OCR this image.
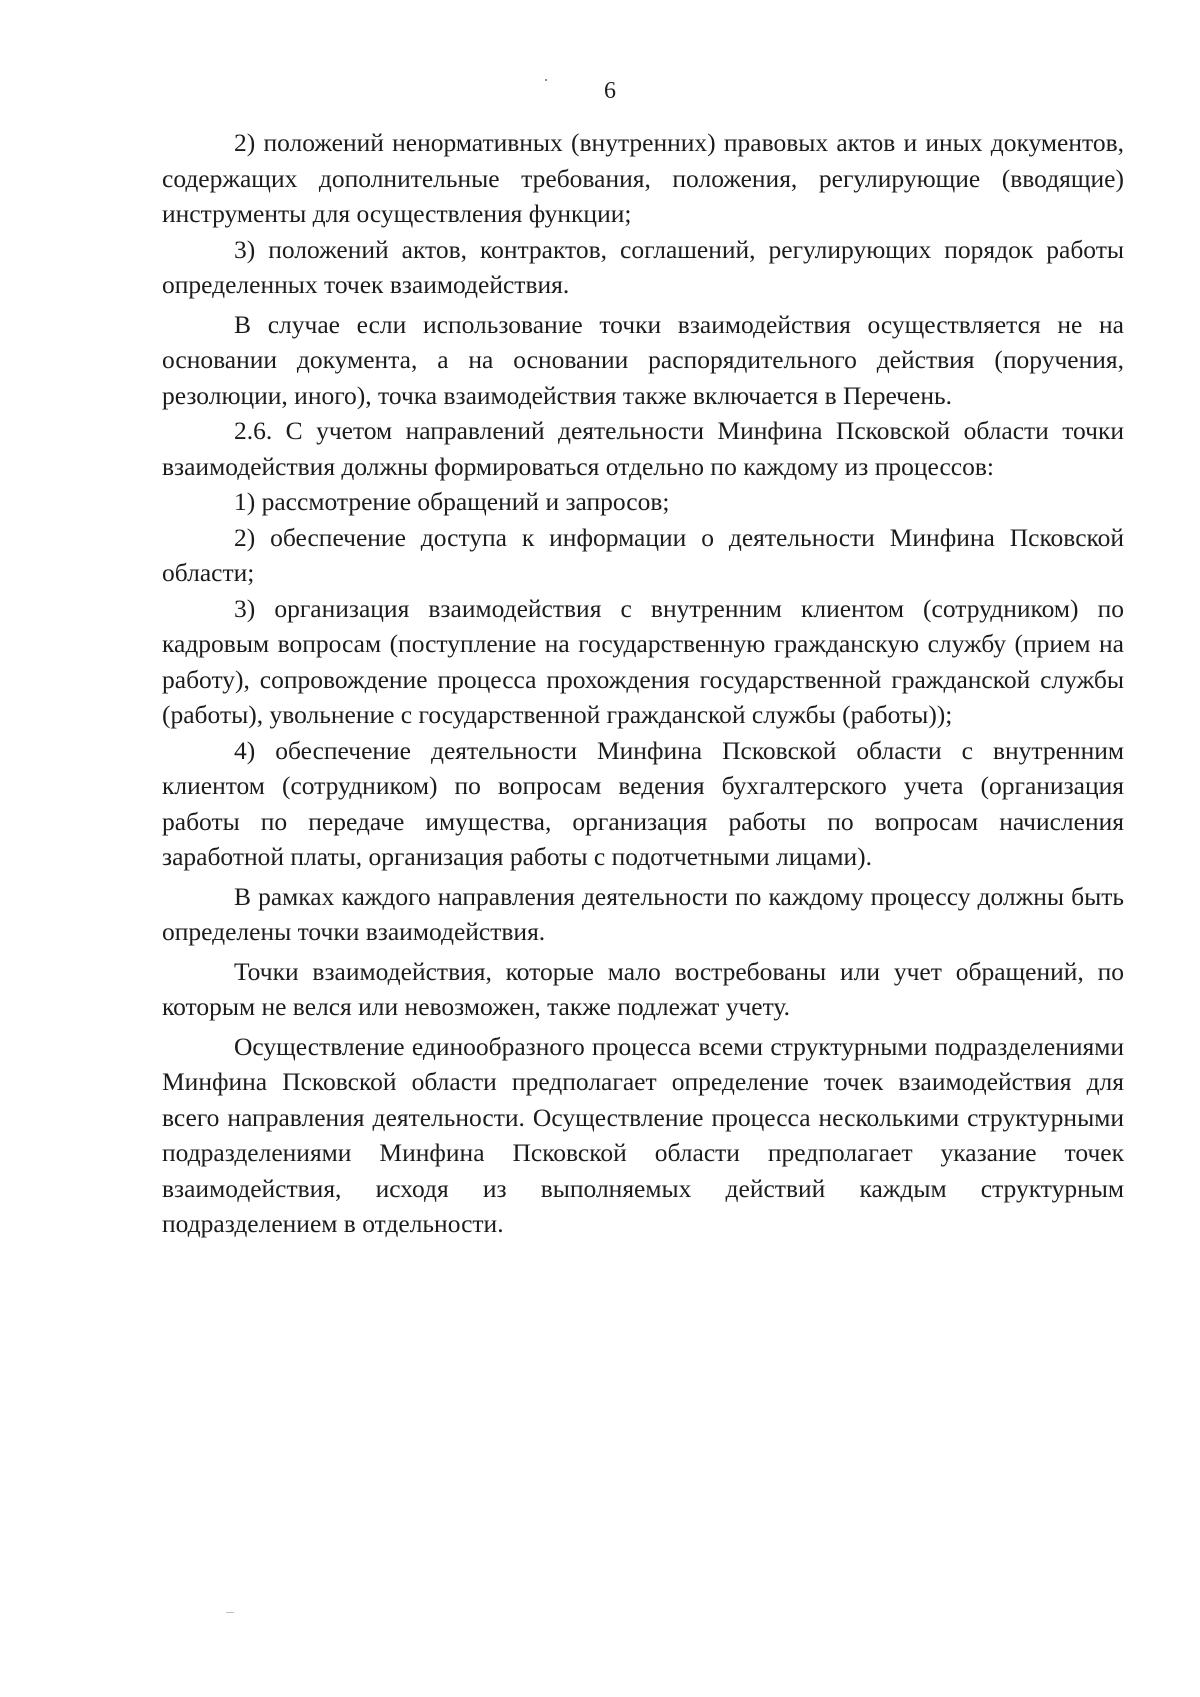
6

2) положений ненормативных (внутренних) правовых актов и иных документов, содержащих дополнительные требования, положения, регулирующие (вводящие) инструменты для осуществления функции;

3) положений актов, контрактов, соглашений, регулирующих порядок работы определенных точек взаимодействия.

В случае если использование точки взаимодействия осуществляется не на основании документа, а на основании распорядительного действия (поручения, резолюции, иного), точка взаимодействия также включается в Перечень.

2.6. С учетом направлений деятельности Минфина Псковской области точки взаимодействия должны формироваться отдельно по каждому из процессов:

1) рассмотрение обращений и запросов;

2) обеспечение доступа к информации о деятельности Минфина Псковской области;

3) организация взаимодействия с внутренним клиентом (сотрудником) по кадровым вопросам (поступление на государственную гражданскую службу (прием на работу), сопровождение процесса прохождения государственной гражданской службы (работы), увольнение с государственной гражданской службы (работы));

4) обеспечение деятельности Минфина Псковской области с внутренним клиентом (сотрудником) по вопросам ведения бухгалтерского учета (организация работы по передаче имущества, организация работы по вопросам начисления заработной платы, организация работы с подотчетными лицами).

В рамках каждого направления деятельности по каждому процессу должны быть определены точки взаимодействия.

Точки взаимодействия, которые мало востребованы или учет обращений, по которым не велся или невозможен, также подлежат учету.

Осуществление единообразного процесса всеми структурными подразделениями Минфина Псковской области предполагает определение точек взаимодействия для всего направления деятельности. Осуществление процесса несколькими структурными подразделениями Минфина Псковской области предполагает указание точек взаимодействия, исходя из выполняемых действий каждым структурным подразделением в отдельности.
